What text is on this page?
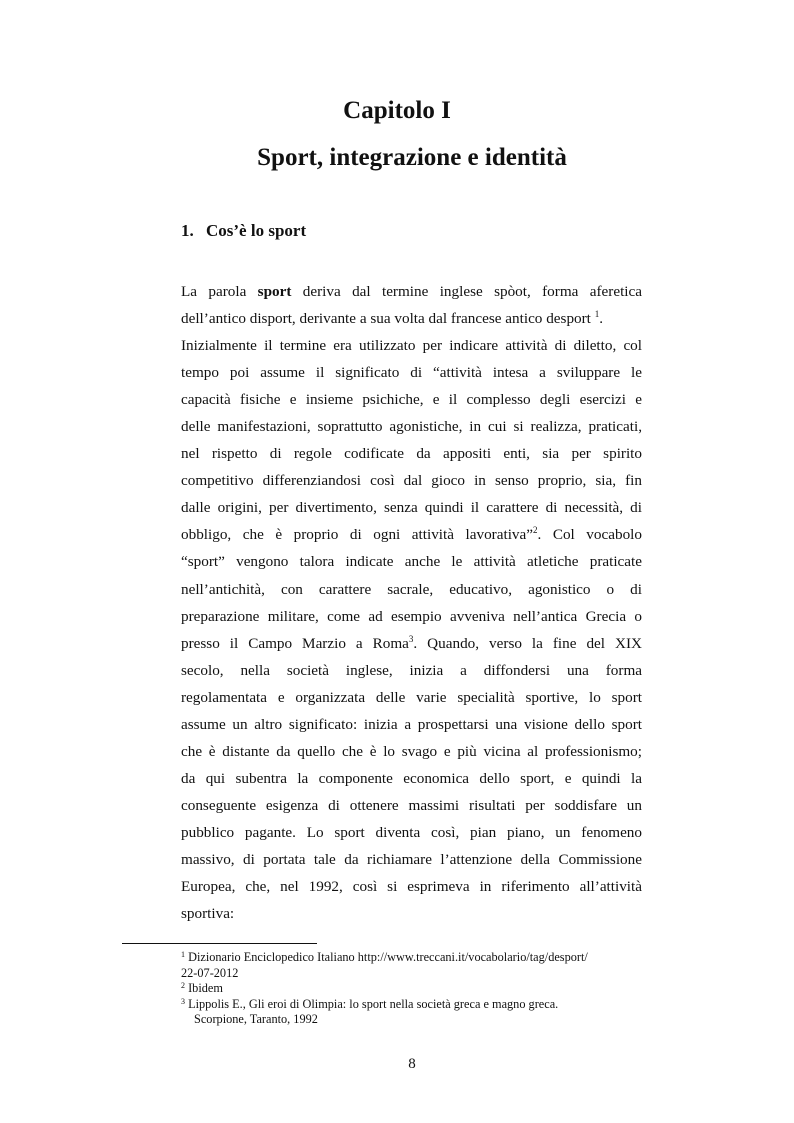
Capitolo I
Sport, integrazione e identità
1. Cos’è lo sport
La parola sport deriva dal termine inglese spòot, forma aferetica
dell’antico disport, derivante a sua volta dal francese antico desport $^1$.
Inizialmente il termine era utilizzato per indicare attività di diletto, col
tempo poi assume il significato di “attività intesa a sviluppare le
capacità fisiche e insieme psichiche, e il complesso degli esercizi e
delle manifestazioni, soprattutto agonistiche, in cui si realizza, praticati,
nel rispetto di regole codificate da appositi enti, sia per spirito
competitivo differenziandosi così dal gioco in senso proprio, sia, fin
dalle origini, per divertimento, senza quindi il carattere di necessità, di
obbligo, che è proprio di ogni attività lavorativa”$^2$. Col vocabolo
“sport” vengono talora indicate anche le attività atletiche praticate
nell’antichità, con carattere sacrale, educativo, agonistico o di
preparazione militare, come ad esempio avveniva nell’antica Grecia o
presso il Campo Marzio a Roma$^3$. Quando, verso la fine del XIX
secolo, nella società inglese, inizia a diffondersi una forma
regolamentata e organizzata delle varie specialità sportive, lo sport
assume un altro significato: inizia a prospettarsi una visione dello sport
che è distante da quello che è lo svago e più vicina al professionismo;
da qui subentra la componente economica dello sport, e quindi la
conseguente esigenza di ottenere massimi risultati per soddisfare un
pubblico pagante. Lo sport diventa così, pian piano, un fenomeno
massivo, di portata tale da richiamare l’attenzione della Commissione
Europea, che, nel 1992, così si esprimeva in riferimento all’attività
sportiva:
$^1$ Dizionario Enciclopedico Italiano http://www.treccani.it/vocabolario/tag/desport/
22-07-2012
$^2$ Ibidem
$^3$ Lippolis E., Gli eroi di Olimpia: lo sport nella società greca e magno greca.
Scorpione, Taranto, 1992
8
